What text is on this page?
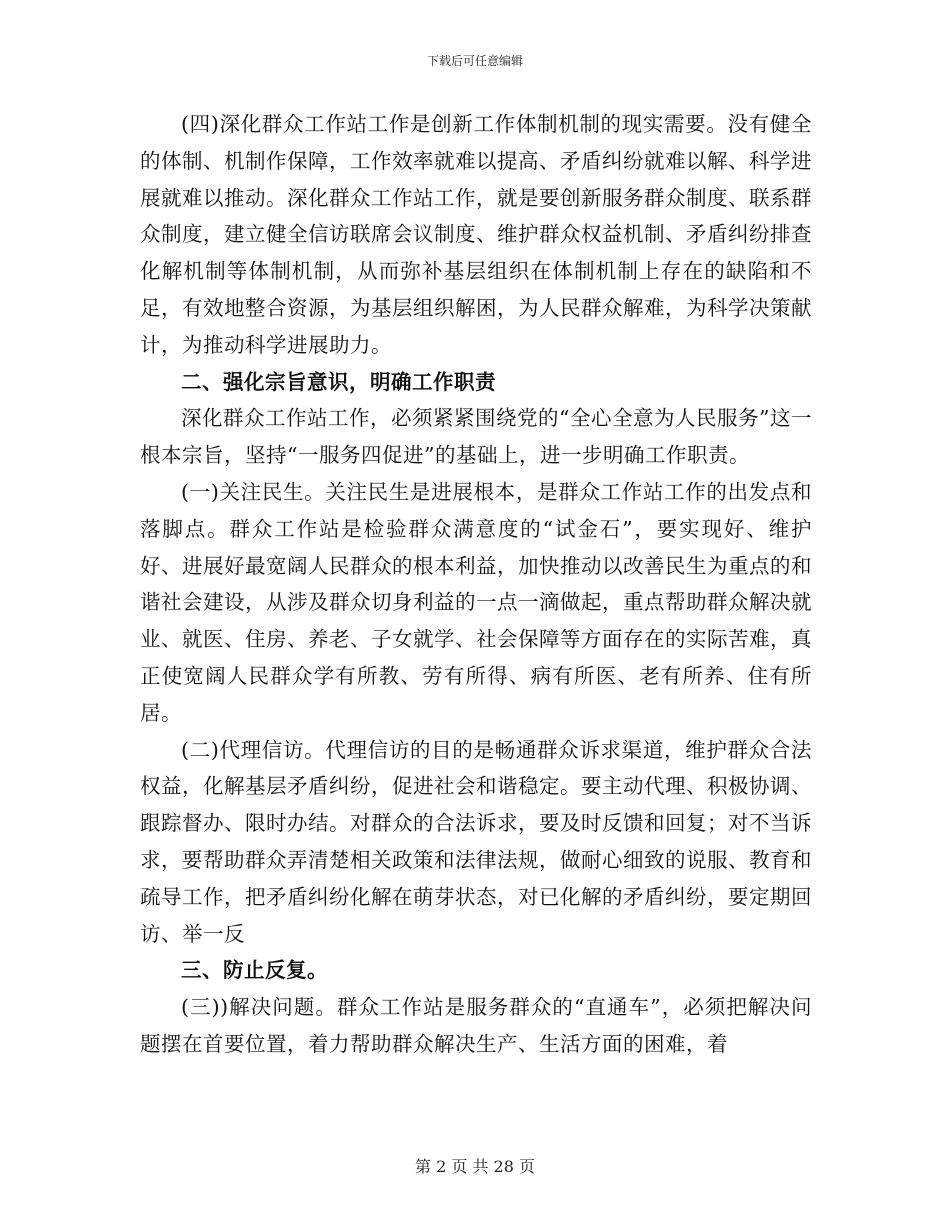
下载后可任意编辑

(四)深化群众工作站工作是创新工作体制机制的现实需要。没有健全的体制、机制作保障，工作效率就难以提高、矛盾纠纷就难以解、科学进展就难以推动。深化群众工作站工作，就是要创新服务群众制度、联系群众制度，建立健全信访联席会议制度、维护群众权益机制、矛盾纠纷排查化解机制等体制机制，从而弥补基层组织在体制机制上存在的缺陷和不足，有效地整合资源，为基层组织解困，为人民群众解难，为科学决策献计，为推动科学进展助力。

二、强化宗旨意识，明确工作职责

深化群众工作站工作，必须紧紧围绕党的“全心全意为人民服务”这一根本宗旨，坚持“一服务四促进”的基础上，进一步明确工作职责。

(一)关注民生。关注民生是进展根本，是群众工作站工作的出发点和落脚点。群众工作站是检验群众满意度的“试金石”，要实现好、维护好、进展好最宽阔人民群众的根本利益，加快推动以改善民生为重点的和谐社会建设，从涉及群众切身利益的一点一滴做起，重点帮助群众解决就业、就医、住房、养老、子女就学、社会保障等方面存在的实际苦难，真正使宽阔人民群众学有所教、劳有所得、病有所医、老有所养、住有所居。

(二)代理信访。代理信访的目的是畅通群众诉求渠道，维护群众合法权益，化解基层矛盾纠纷，促进社会和谐稳定。要主动代理、积极协调、跟踪督办、限时办结。对群众的合法诉求，要及时反馈和回复；对不当诉求，要帮助群众弄清楚相关政策和法律法规，做耐心细致的说服、教育和疏导工作，把矛盾纠纷化解在萌芽状态，对已化解的矛盾纠纷，要定期回访、举一反

三、防止反复。

(三))解决问题。群众工作站是服务群众的“直通车”，必须把解决问题摆在首要位置，着力帮助群众解决生产、生活方面的困难，着

第 2 页 共 28 页
